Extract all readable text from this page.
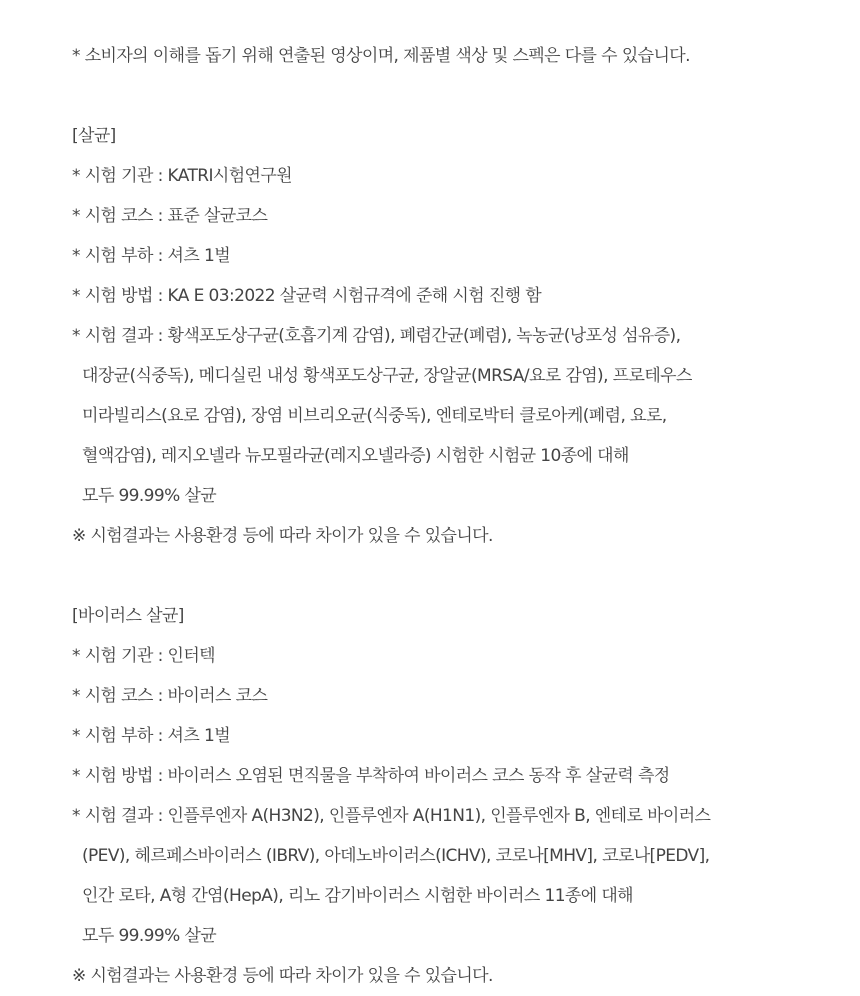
* 소비자의 이해를 돕기 위해 연출된 영상이며, 제품별 색상 및 스펙은 다를 수 있습니다.
[살균]
* 시험 기관 : KATRI시험연구원
* 시험 코스 : 표준 살균코스
* 시험 부하 : 셔츠 1벌
* 시험 방법 : KA E 03:2022 살균력 시험규격에 준해 시험 진행 함
* 시험 결과 : 황색포도상구균(호흡기계 감염), 폐렴간균(폐렴), 녹농균(낭포성 섬유증),
대장균(식중독), 메디실린 내성 황색포도상구균, 장알균(MRSA/요로 감염), 프로테우스
미라빌리스(요로 감염), 장염 비브리오균(식중독), 엔테로박터 클로아케(폐렴, 요로,
혈액감염), 레지오넬라 뉴모필라균(레지오넬라증) 시험한 시험균 10종에 대해
모두 99.99% 살균
※ 시험결과는 사용환경 등에 따라 차이가 있을 수 있습니다.
[바이러스 살균]
* 시험 기관 : 인터텍
* 시험 코스 : 바이러스 코스
* 시험 부하 : 셔츠 1벌
* 시험 방법 : 바이러스 오염된 면직물을 부착하여 바이러스 코스 동작 후 살균력 측정
* 시험 결과 : 인플루엔자 A(H3N2), 인플루엔자 A(H1N1), 인플루엔자 B, 엔테로 바이러스
(PEV), 헤르페스바이러스 (IBRV), 아데노바이러스(ICHV), 코로나[MHV], 코로나[PEDV],
인간 로타, A형 간염(HepA), 리노 감기바이러스 시험한 바이러스 11종에 대해
모두 99.99% 살균
※ 시험결과는 사용환경 등에 따라 차이가 있을 수 있습니다.
